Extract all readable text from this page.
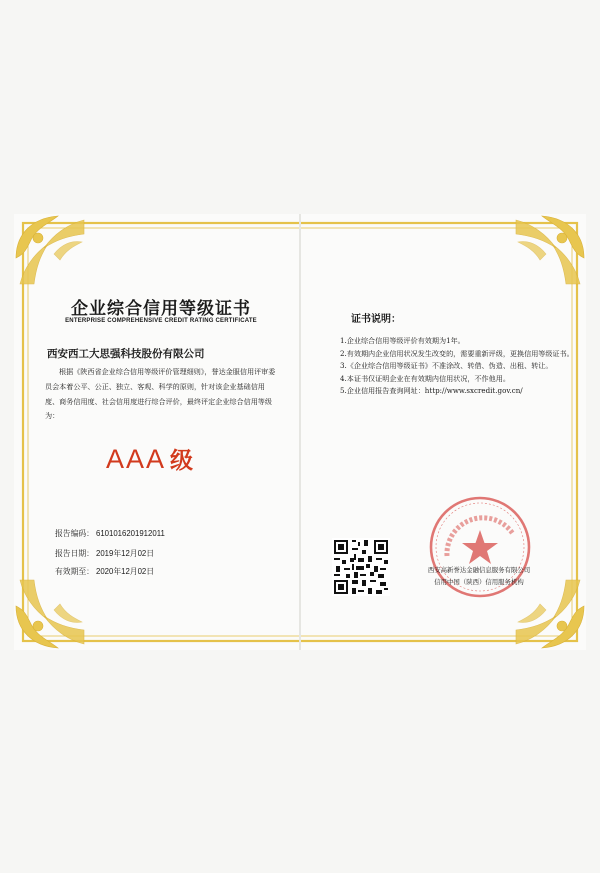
企业综合信用等级证书
ENTERPRISE COMPREHENSIVE CREDIT RATING CERTIFICATE
西安西工大思强科技股份有限公司
根据《陕西省企业综合信用等级评价管理细则》，誉达金服信用评审委员会本着公平、公正、独立、客观、科学的原则，针对该企业基础信用度、商务信用度、社会信用度进行综合评价，最终评定企业综合信用等级为：
AAA 级
报告编码： 6101016201912011
报告日期： 2019年12月02日
有效期至： 2020年12月02日
证书说明：
1.企业综合信用等级评价有效期为1年。
2.有效期内企业信用状况发生改变的，需要重新评级，更换信用等级证书。
3.《企业综合信用等级证书》不准涂改、转借、伪造、出租、转让。
4.本证书仅证明企业在有效期内信用状况，不作他用。
5.企业信用报告查询网址：http://www.sxcredit.gov.cn/
西安高新誉达金融信息服务有限公司
信用中国（陕西）信用服务机构
